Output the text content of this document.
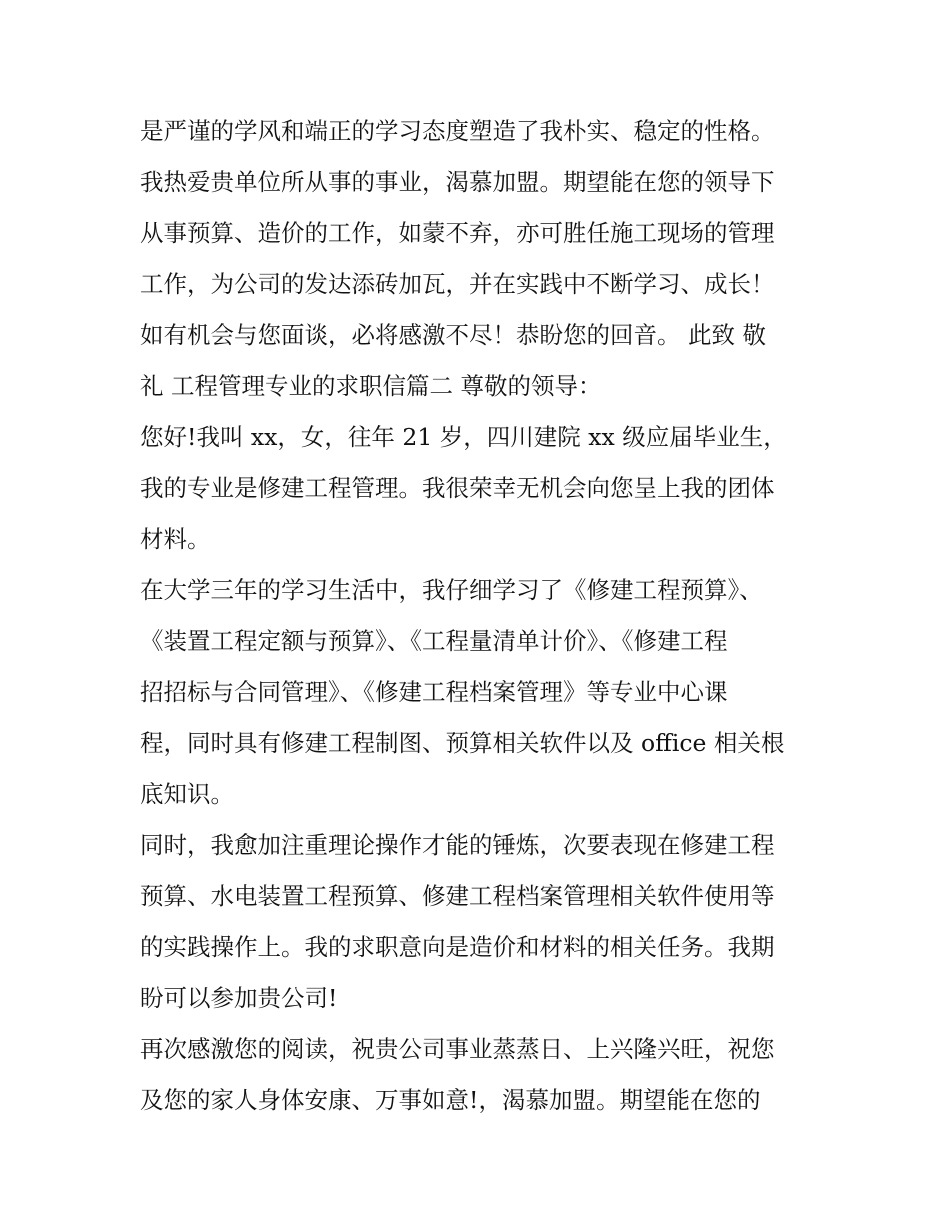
是严谨的学风和端正的学习态度塑造了我朴实、稳定的性格。
我热爱贵单位所从事的事业，渴慕加盟。期望能在您的领导下
从事预算、造价的工作，如蒙不弃，亦可胜任施工现场的管理
工作，为公司的发达添砖加瓦，并在实践中不断学习、成长！
如有机会与您面谈，必将感激不尽！恭盼您的回音。 此致 敬
礼 工程管理专业的求职信篇二 尊敬的领导：
您好!我叫 xx，女，往年 21 岁，四川建院 xx 级应届毕业生，
我的专业是修建工程管理。我很荣幸无机会向您呈上我的团体
材料。
在大学三年的学习生活中，我仔细学习了《修建工程预算》、
《装置工程定额与预算》、《工程量清单计价》、《修建工程
招招标与合同管理》、《修建工程档案管理》等专业中心课
程，同时具有修建工程制图、预算相关软件以及 office 相关根
底知识。
同时，我愈加注重理论操作才能的锤炼，次要表现在修建工程
预算、水电装置工程预算、修建工程档案管理相关软件使用等
的实践操作上。我的求职意向是造价和材料的相关任务。我期
盼可以参加贵公司!
再次感激您的阅读，祝贵公司事业蒸蒸日、上兴隆兴旺，祝您
及您的家人身体安康、万事如意!，渴慕加盟。期望能在您的
